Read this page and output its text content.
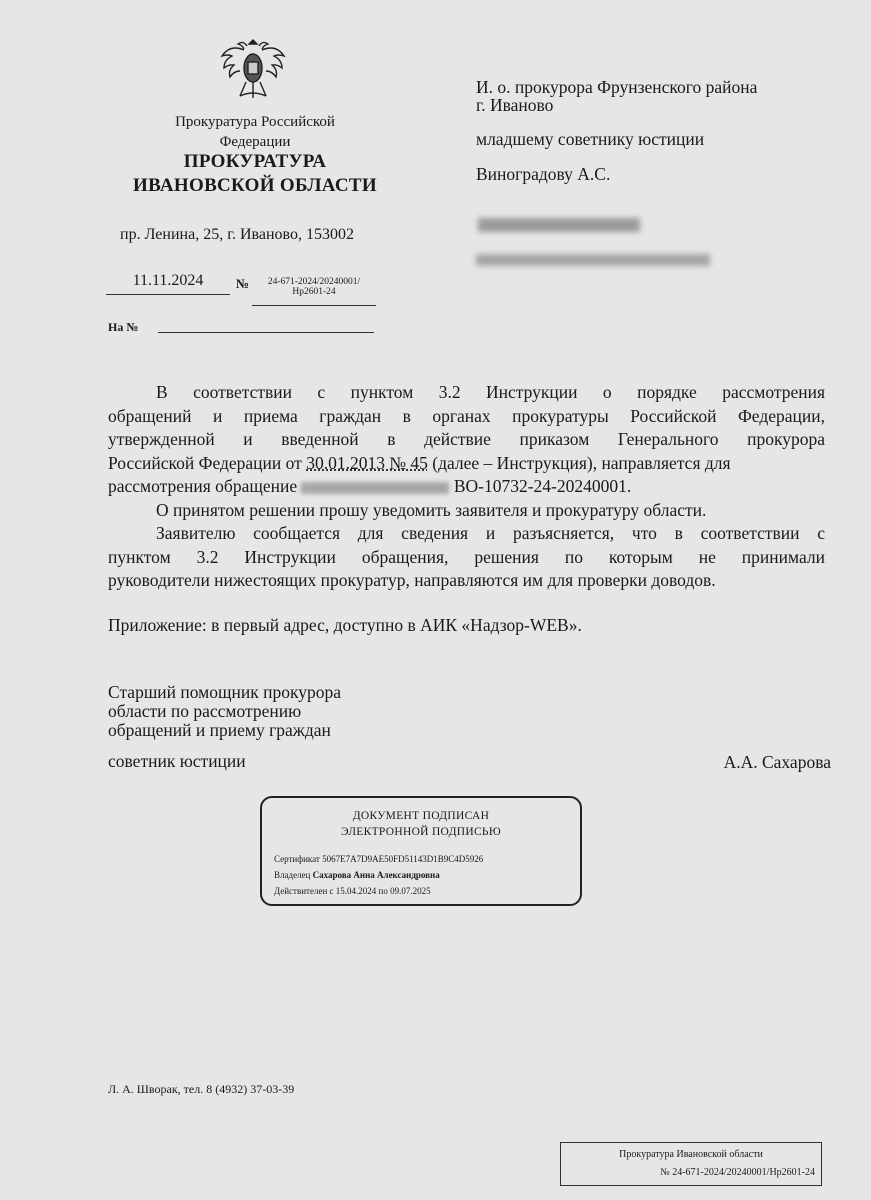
Прокуратура Российской
Федерации
ПРОКУРАТУРА
ИВАНОВСКОЙ ОБЛАСТИ
пр. Ленина, 25, г. Иваново, 153002
11.11.2024	№	24-671-2024/20240001/Нр2601-24
На №
И. о. прокурора Фрунзенского района
г. Иваново
младшему советнику юстиции
Виноградову А.С.
В соответствии с пунктом 3.2 Инструкции о порядке рассмотрения
обращений и приема граждан в органах прокуратуры Российской Федерации,
утвержденной и введенной в действие приказом Генерального прокурора
Российской Федерации от 30.01.2013 № 45 (далее – Инструкция), направляется для
рассмотрения обращение	ВО-10732-24-20240001.
О принятом решении прошу уведомить заявителя и прокуратуру области.
Заявителю сообщается для сведения и разъясняется, что в соответствии с
пунктом 3.2 Инструкции обращения, решения по которым не принимали
руководители нижестоящих прокуратур, направляются им для проверки доводов.
Приложение: в первый адрес, доступно в АИК «Надзор-WEB».
Старший помощник прокурора
области по рассмотрению
обращений и приему граждан
советник юстиции	А.А. Сахарова
ДОКУМЕНТ ПОДПИСАН
ЭЛЕКТРОННОЙ ПОДПИСЬЮ
Сертификат 5067E7A7D9AE50FD51143D1B9C4D5926
Владелец Сахарова Анна Александровна
Действителен с 15.04.2024 по 09.07.2025
Л. А. Шворак, тел. 8 (4932) 37-03-39
Прокуратура Ивановской области
№ 24-671-2024/20240001/Нр2601-24
